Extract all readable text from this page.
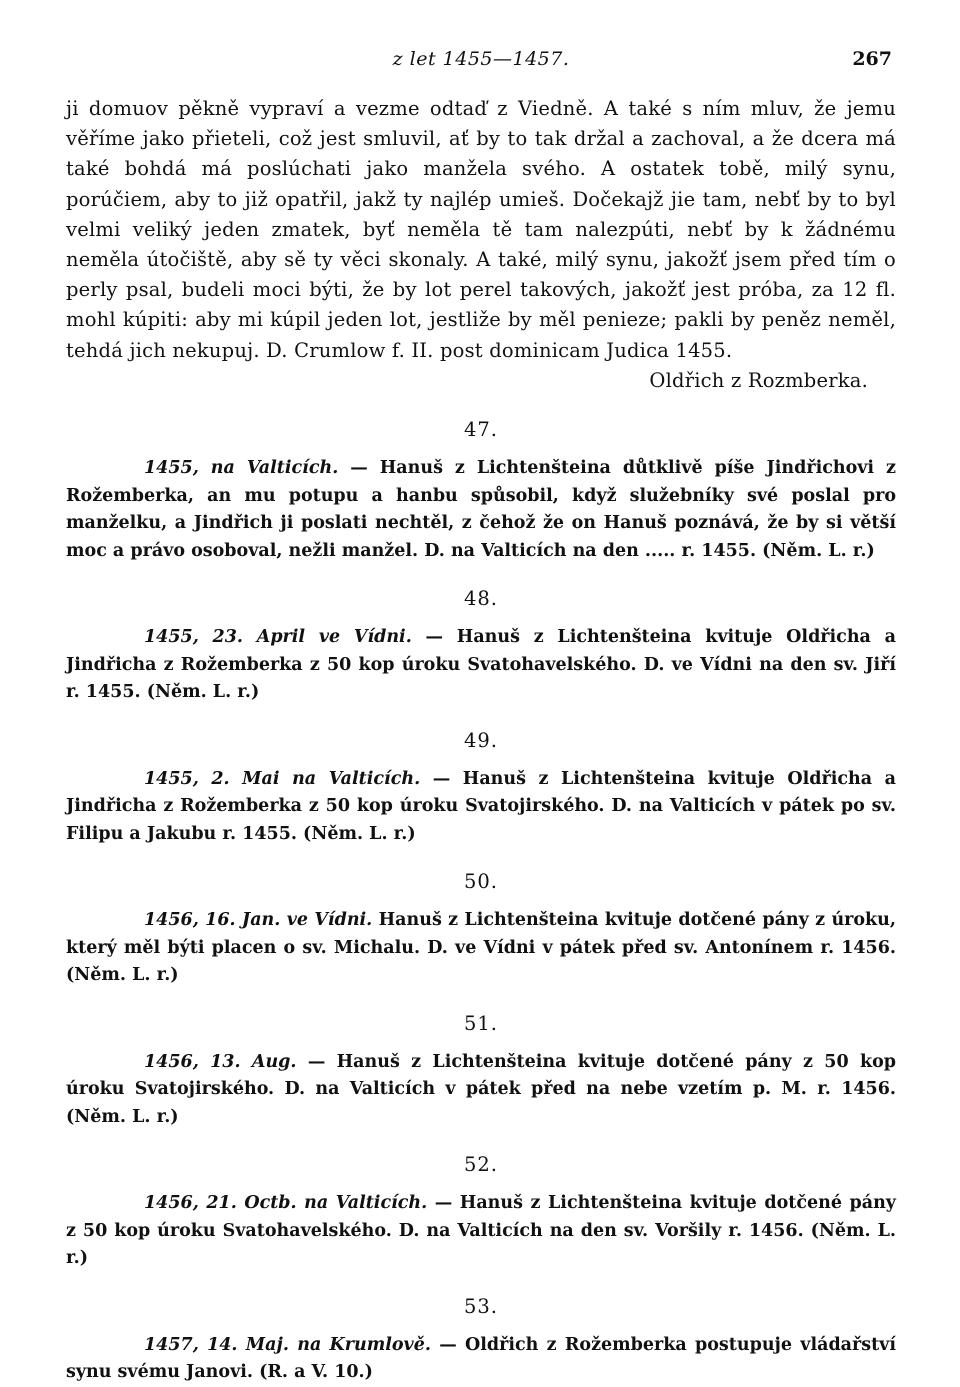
z let 1455—1457.	267

ji domuov pěkně vypraví a vezme odtaď z Viedně. A také s ním mluv, že jemu věříme jako přieteli, což jest smluvil, ať by to tak držal a zachoval, a že dcera má také bohdá má poslúchati jako manžela svého. A ostatek tobě, milý synu, porúčiem, aby to již opatřil, jakž ty najlép umieš. Dočekajž jie tam, nebť by to byl velmi veliký jeden zmatek, byť neměla tě tam nalezpúti, nebť by k žádnému neměla útočiště, aby sě ty věci skonaly. A také, milý synu, jakožť jsem před tím o perly psal, budeli moci býti, že by lot perel takových, jakožť jest próba, za 12 fl. mohl kúpiti: aby mi kúpil jeden lot, jestliže by měl penieze; pakli by peněz neměl, tehdá jich nekupuj. D. Crumlow f. II. post dominicam Judica 1455.
Oldřich z Rozmberka.

47.

1455, na Valticích. — Hanuš z Lichtenšteina důtklivě píše Jindřichovi z Rožemberka, an mu potupu a hanbu spůsobil, když služebníky své poslal pro manželku, a Jindřich ji poslati nechtěl, z čehož že on Hanuš poznává, že by si větší moc a právo osoboval, nežli manžel. D. na Valticích na den ..... r. 1455. (Něm. L. r.)

48.

1455, 23. April ve Vídni. — Hanuš z Lichtenšteina kvituje Oldřicha a Jindřicha z Rožemberka z 50 kop úroku Svatohavelského. D. ve Vídni na den sv. Jiří r. 1455. (Něm. L. r.)

49.

1455, 2. Mai na Valticích. — Hanuš z Lichtenšteina kvituje Oldřicha a Jindřicha z Rožemberka z 50 kop úroku Svatojirského. D. na Valticích v pátek po sv. Filipu a Jakubu r. 1455. (Něm. L. r.)

50.

1456, 16. Jan. ve Vídni. Hanuš z Lichtenšteina kvituje dotčené pány z úroku, který měl býti placen o sv. Michalu. D. ve Vídni v pátek před sv. Antonínem r. 1456. (Něm. L. r.)

51.

1456, 13. Aug. — Hanuš z Lichtenšteina kvituje dotčené pány z 50 kop úroku Svatojirského. D. na Valticích v pátek před na nebe vzetím p. M. r. 1456. (Něm. L. r.)

52.

1456, 21. Octb. na Valticích. — Hanuš z Lichtenšteina kvituje dotčené pány z 50 kop úroku Svatohavelského. D. na Valticích na den sv. Voršily r. 1456. (Něm. L. r.)

53.

1457, 14. Maj. na Krumlově. — Oldřich z Rožemberka postupuje vládařství synu svému Janovi. (R. a V. 10.)
